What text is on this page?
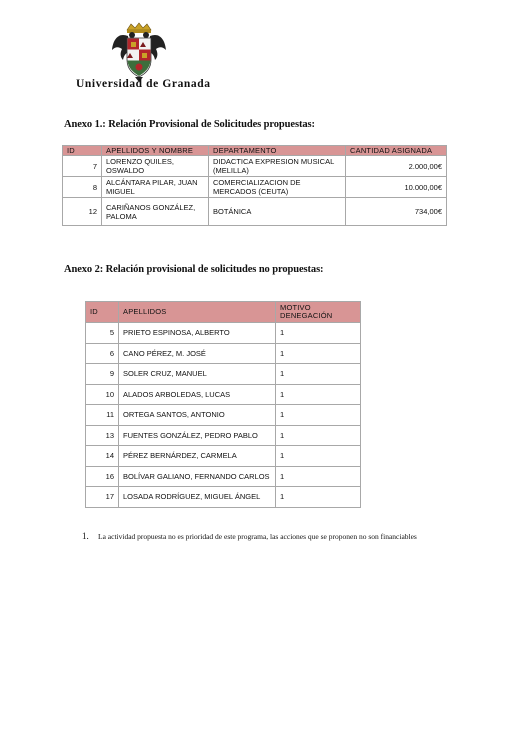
Universidad de Granada
Anexo 1.: Relación Provisional de Solicitudes propuestas:
ID	APELLIDOS Y NOMBRE	DEPARTAMENTO	CANTIDAD ASIGNADA
7	LORENZO QUILES, OSWALDO	DIDACTICA EXPRESION MUSICAL (MELILLA)	2.000,00€
8	ALCÁNTARA PILAR, JUAN MIGUEL	COMERCIALIZACION DE MERCADOS (CEUTA)	10.000,00€
12	CARIÑANOS GONZÁLEZ, PALOMA	BOTÁNICA	734,00€
Anexo 2: Relación provisional de solicitudes no propuestas:
ID	APELLIDOS	MOTIVO DENEGACIÓN
5	PRIETO ESPINOSA, ALBERTO	1
6	CANO PÉREZ, M. JOSÉ	1
9	SOLER CRUZ, MANUEL	1
10	ALADOS ARBOLEDAS, LUCAS	1
11	ORTEGA SANTOS, ANTONIO	1
13	FUENTES GONZÁLEZ, PEDRO PABLO	1
14	PÉREZ BERNÁRDEZ, CARMELA	1
16	BOLÍVAR GALIANO, FERNANDO CARLOS	1
17	LOSADA RODRÍGUEZ, MIGUEL ÁNGEL	1
1. La actividad propuesta no es prioridad de este programa, las acciones que se proponen no son financiables
